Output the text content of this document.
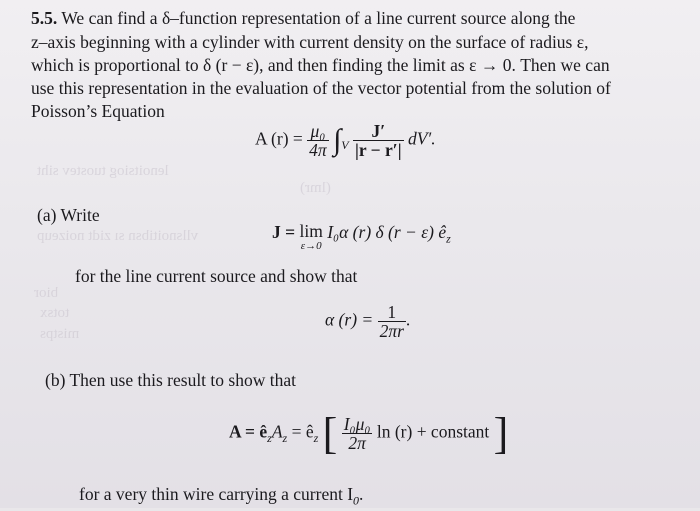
lenoitsiog tuostev siht
(lmr)
vllsnoitibsn sı zidt noizeup
bior
totsx
mistps
5.5. We can find a δ–function representation of a line current source along the
z–axis beginning with a cylinder with current density on the surface of radius ε,
which is proportional to δ (r − ε), and then finding the limit as ε → 0. Then we can
use this representation in the evaluation of the vector potential from the solution of
Poisson’s Equation
A $(r) = \frac{\text{μ₀}}{4\pi} \int_V \frac{J'}{|r - r'|} dV'$.
(a) Write
J = lim
ε→0
I₀α (r) δ (r − ε) $ê_z$
for the line current source and show that
α $(r) = \frac{1}{2\pi r}$ .
(b) Then use this result to show that
$A = ê_zA_z$ = $ê_z$ [ $\frac{\text{I₀μ₀}}{2\pi}$ ln (r) + constant ]
for a very thin wire carrying a current $I_0$.
